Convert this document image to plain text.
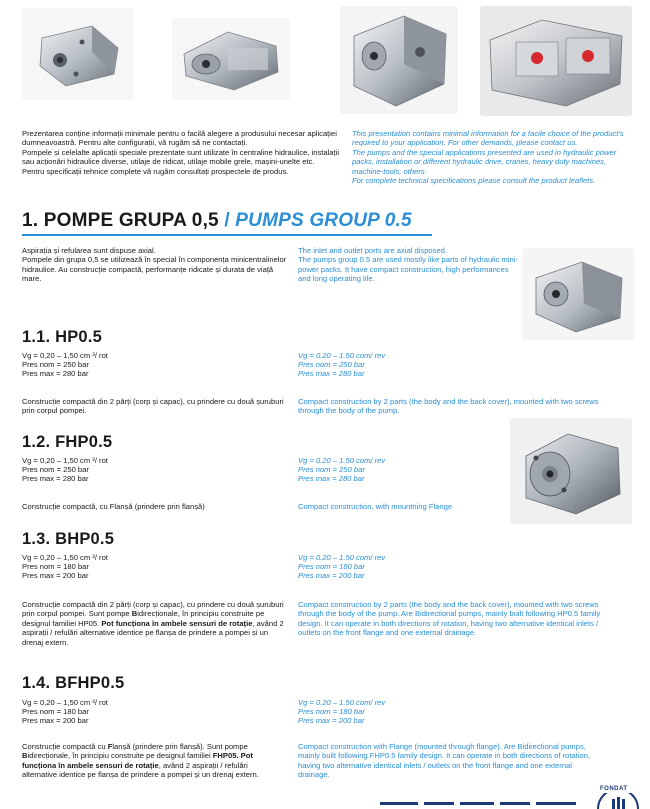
Prezentarea conține informații minimale pentru o facilă alegere a produsului necesar aplicației dumneavoastră. Pentru alte configurații, vă rugăm să ne contactați.
Pompele și celelalte aplicații speciale prezentate sunt utilizate în centraline hidraulice, instalații sau acționări hidraulice diverse, utilaje de ridicat, utilaje mobile grele, mașini-unelte etc.
Pentru specificații tehnice complete vă rugăm consultați prospectele de produs.
This presentation contains minimal information for a facile choice of the product's required to your application. For other demands, please contact us.
The pumps and the special applications presented are used in hydraulic power packs, installation or different hydraulic drive, cranes, heavy duty machines, machine-tools, others.
For complete technical specifications please consult the product leaflets.
1. POMPE GRUPA 0,5 / PUMPS GROUP 0.5
Aspirația și refularea sunt dispuse axial.
Pompele din grupa 0,5 se utilizează în special în componența minicentralinelor hidraulice. Au construcție compactă, performanțe ridicate și durata de viață mare.
The inlet and outlet ports are axial disposed.
The pumps group 0.5 are used mostly like parts of hydraulic mini-power packs. It have compact construction, high performances and long operating life.
1.1. HP0.5
Vg = 0,20 – 1,50 cm ³/ rot
Pres nom = 250 bar
Pres max = 280 bar
Vg = 0.20 – 1.50 com/ rev
Pres nom = 250 bar
Pres max = 280 bar
Construcție compactă din 2 părți (corp și capac), cu prindere cu două șuruburi prin corpul pompei.
Compact construction by 2 parts (the body and the back cover), mounted with two screws through the body of the pump.
1.2. FHP0.5
Vg = 0,20 – 1,50 cm ³/ rot
Pres nom = 250 bar
Pres max = 280 bar
Vg = 0.20 – 1.50 com/ rev
Pres nom = 250 bar
Pres max = 280 bar
Construcție compactă, cu Flanșă (prindere prin flanșă)	Compact construction, with mountning Flange
1.3. BHP0.5
Vg = 0,20 – 1,50 cm ³/ rot
Pres nom = 180 bar
Pres max = 200 bar
Vg = 0.20 – 1.50 com/ rev
Pres nom = 180 bar
Pres max = 200 bar
Construcție compactă din 2 părți (corp și capac), cu prindere cu două șuruburi prin corpul pompei. Sunt pompe Bidirecționale, în principiu construite pe designul familiei HP05. Pot funcționa în ambele sensuri de rotație, având 2 aspirații / refulări alternative identice pe flanșa de prindere a pompei și un drenaj extern.
Compact construction by 2 parts (the body and the back cover), mounted with two screws through the body of the pump. Are Bidirectional pumps, mainly built following HP0.5 family design. It can operate in both directions of rotation, having two alternative identical inlets / outlets on the front flange and one external drainage.
1.4. BFHP0.5
Vg = 0,20 – 1,50 cm ³/ rot
Pres nom = 180 bar
Pres max = 200 bar
Vg = 0.20 – 1.50 com/ rev
Pres nom = 180 bar
Pres max = 200 bar
Construcție compactă cu Flanșă (prindere prin flanșă). Sunt pompe Bidirecționale, în principiu construite pe designul familiei FHP05. Pot funcționa în ambele sensuri de rotație, având 2 aspirații / refulări alternative identice pe flanșa de prindere a pompei și un drenaj extern.
Compact construction with Flange (mounted through flange). Are Bidirectional pumps, mainly built following FHP0.5 family design. It can operate in both directions of rotation, having two alternative identical inlets / outlets on the front flange and one external drainage.
FONDAT
